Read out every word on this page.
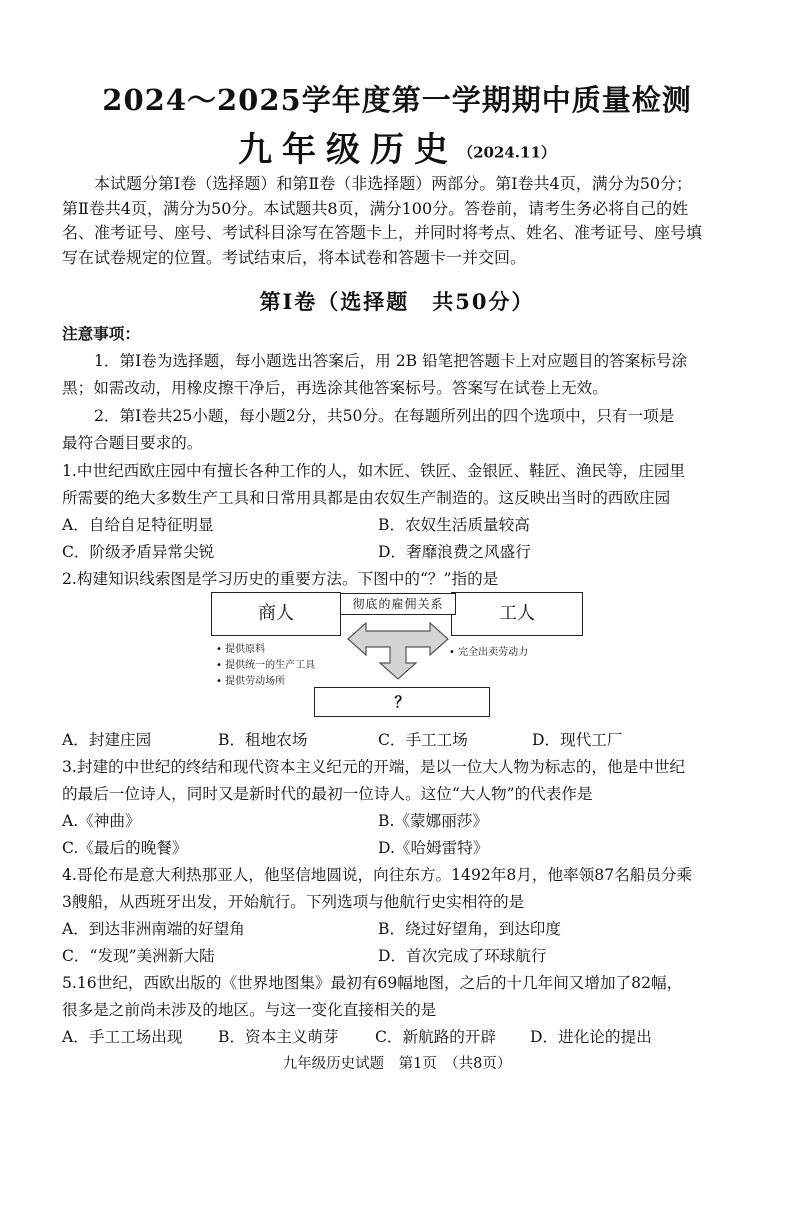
2024～2025学年度第一学期期中质量检测
九年级历史（2024.11）

本试题分第Ⅰ卷（选择题）和第Ⅱ卷（非选择题）两部分。第Ⅰ卷共4页，满分为50分；

第Ⅱ卷共4页，满分为50分。本试题共8页，满分100分。答卷前，请考生务必将自己的姓

名、准考证号、座号、考试科目涂写在答题卡上，并同时将考点、姓名、准考证号、座号填

写在试卷规定的位置。考试结束后，将本试卷和答题卡一并交回。

第Ⅰ卷（选择题　共50分）
注意事项：
1．第Ⅰ卷为选择题，每小题选出答案后，用 2B 铅笔把答题卡上对应题目的答案标号涂
黑；如需改动，用橡皮擦干净后，再选涂其他答案标号。答案写在试卷上无效。
2．第Ⅰ卷共25小题，每小题2分，共50分。在每题所列出的四个选项中，只有一项是
最符合题目要求的。
1.中世纪西欧庄园中有擅长各种工作的人，如木匠、铁匠、金银匠、鞋匠、渔民等，庄园里
所需要的绝大多数生产工具和日常用具都是由农奴生产制造的。这反映出当时的西欧庄园
A．自给自足特征明显	B．农奴生活质量较高
C．阶级矛盾异常尖锐	D．奢靡浪费之风盛行
2.构建知识线索图是学习历史的重要方法。下图中的“？”指的是
商人	工人
彻底的雇佣关系
• 提供原料
• 提供统一的生产工具
• 提供劳动场所
• 完全出卖劳动力
？
A．封建庄园	B．租地农场	C．手工工场	D．现代工厂
3.封建的中世纪的终结和现代资本主义纪元的开端，是以一位大人物为标志的，他是中世纪
的最后一位诗人，同时又是新时代的最初一位诗人。这位“大人物”的代表作是
A.《神曲》	B.《蒙娜丽莎》
C.《最后的晚餐》	D.《哈姆雷特》
4.哥伦布是意大利热那亚人，他坚信地圆说，向往东方。1492年8月，他率领87名船员分乘
3艘船，从西班牙出发，开始航行。下列选项与他航行史实相符的是
A．到达非洲南端的好望角	B．绕过好望角，到达印度
C．“发现”美洲新大陆	D．首次完成了环球航行
5.16世纪，西欧出版的《世界地图集》最初有69幅地图，之后的十几年间又增加了82幅，
很多是之前尚未涉及的地区。与这一变化直接相关的是
A．手工工场出现 B．资本主义萌芽 C．新航路的开辟 D．进化论的提出
九年级历史试题　第1页　（共8页）
